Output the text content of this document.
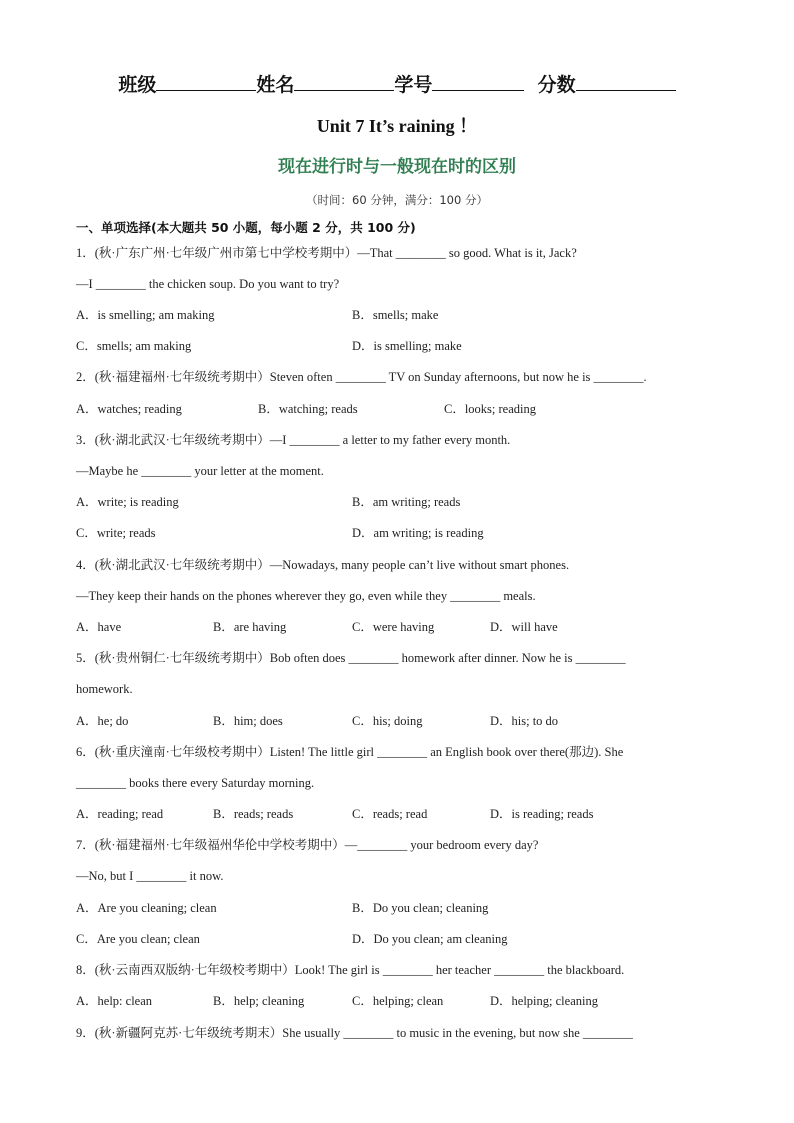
班级	姓名	学号	分数
Unit 7 It’s raining ！
现在进行时与一般现在时的区别
（时间：60 分钟，满分：100 分）
一、单项选择(本大题共 50 小题，每小题 2 分，共 100 分)
1．(秋·广东广州·七年级广州市第七中学校考期中）—That ________ so good. What is it, Jack?
—I ________ the chicken soup. Do you want to try?
A．is smelling; am making	B．smells; make
C．smells; am making	D．is smelling; make
2．(秋·福建福州·七年级统考期中）Steven often ________ TV on Sunday afternoons, but now he is ________.
A．watches; reading	B．watching; reads	C．looks; reading
3．(秋·湖北武汉·七年级统考期中）—I ________ a letter to my father every month.
—Maybe he ________ your letter at the moment.
A．write; is reading	B．am writing; reads
C．write; reads	D．am writing; is reading
4．(秋·湖北武汉·七年级统考期中）—Nowadays, many people can’t live without smart phones.
—They keep their hands on the phones wherever they go, even while they ________ meals.
A．have	B．are having	C．were having	D．will have
5．(秋·贵州铜仁·七年级统考期中）Bob often does ________ homework after dinner. Now he is ________
homework.
A．he; do	B．him; does	C．his; doing	D．his; to do
6．(秋·重庆潼南·七年级校考期中）Listen! The little girl ________ an English book over there(那边). She
________ books there every Saturday morning.
A．reading; read	B．reads; reads	C．reads; read	D．is reading; reads
7．(秋·福建福州·七年级福州华伦中学校考期中）—________ your bedroom every day?
—No, but I ________ it now.
A．Are you cleaning; clean	B．Do you clean; cleaning
C．Are you clean; clean	D．Do you clean; am cleaning
8．(秋·云南西双版纳·七年级校考期中）Look! The girl is ________ her teacher ________ the blackboard.
A．help: clean	B．help; cleaning	C．helping; clean	D．helping; cleaning
9．(秋·新疆阿克苏·七年级统考期末）She usually ________ to music in the evening, but now she ________
